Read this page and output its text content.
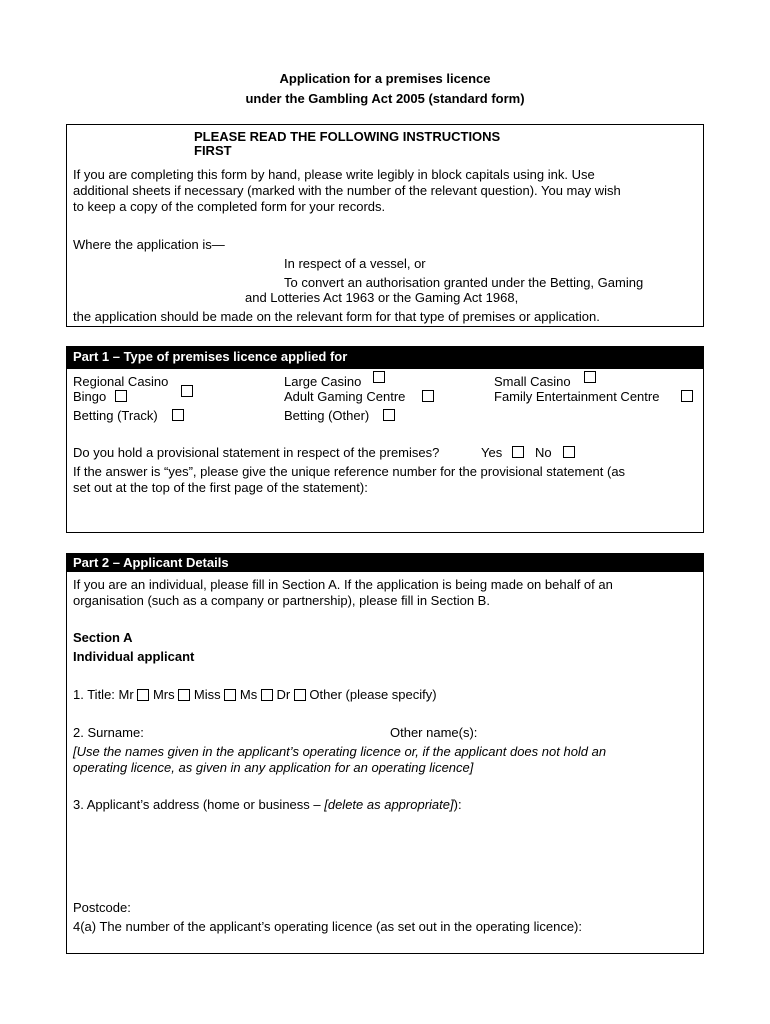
Application for a premises licence
under the Gambling Act 2005 (standard form)
PLEASE READ THE FOLLOWING INSTRUCTIONS
FIRST
If you are completing this form by hand, please write legibly in block capitals using ink. Use
additional sheets if necessary (marked with the number of the relevant question). You may wish
to keep a copy of the completed form for your records.
Where the application is—
In respect of a vessel, or
To convert an authorisation granted under the Betting, Gaming
and Lotteries Act 1963 or the Gaming Act 1968,
the application should be made on the relevant form for that type of premises or application.
Part 1 – Type of premises licence applied for
Regional Casino	Large Casino	Small Casino
Bingo	Adult Gaming Centre	Family Entertainment Centre
Betting (Track)	Betting (Other)
Do you hold a provisional statement in respect of the premises?	Yes	No
If the answer is “yes”, please give the unique reference number for the provisional statement (as
set out at the top of the first page of the statement):
Part 2 – Applicant Details
If you are an individual, please fill in Section A. If the application is being made on behalf of an
organisation (such as a company or partnership), please fill in Section B.
Section A
Individual applicant
1. Title: Mr Mrs Miss Ms Dr Other (please specify)
2. Surname:	Other name(s):
[Use the names given in the applicant’s operating licence or, if the applicant does not hold an
operating licence, as given in any application for an operating licence]
3. Applicant’s address (home or business – [delete as appropriate]):
Postcode:
4(a) The number of the applicant’s operating licence (as set out in the operating licence):
